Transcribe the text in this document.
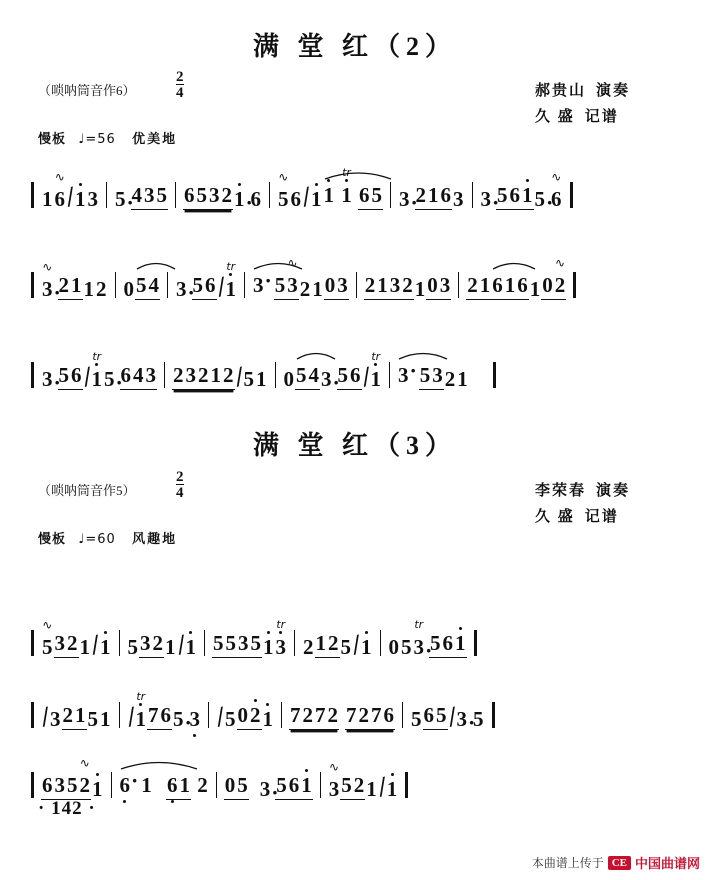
满 堂 红（2）
郝贵山 演奏
久 盛 记谱
（唢呐筒音作6）	$\frac{2}{4}$
慢板 ♩=56 优美地
1
∿
6
╱
1 3 5 ·
435 6532 1 ·
6
∿
5 6
╱
1 1
tr
1 65 3 ·
216 3 3 ·
561 5 ·
∿
6
∿
3 ·
21 1 2 0 54 3 ·
56
╱
tr
1 3· 5
∿
3 2 1 03 2132 1 03 21 616 1 0
∿
2
3 ·
56
╱
tr
1 5 ·
643 23212
╱
5 1 0 54 3 ·
56
╱
tr
1 3· 53 2 1
满 堂 红（3）
李荣春 演奏
久 盛 记谱
（唢呐筒音作5）	$\frac{2}{4}$
慢板 ♩=60 风趣地
∿
5 32 1
╱
1 5 32 1
╱
1 55 35 1
tr
3 2 12 5
╱
1 0 5
tr
3 ·
561
╱
3 21 5 1 ╱
tr
1 76 5 ·
3 ╱
5 02 1 7272 7276 5 65
╱
3 ·
5
635
∿
2 1 6· 1 61 2 05 3 ·
561
∿
3 52 1
╱
1
· 142 ·
本曲谱上传于 CE 中国曲谱网
